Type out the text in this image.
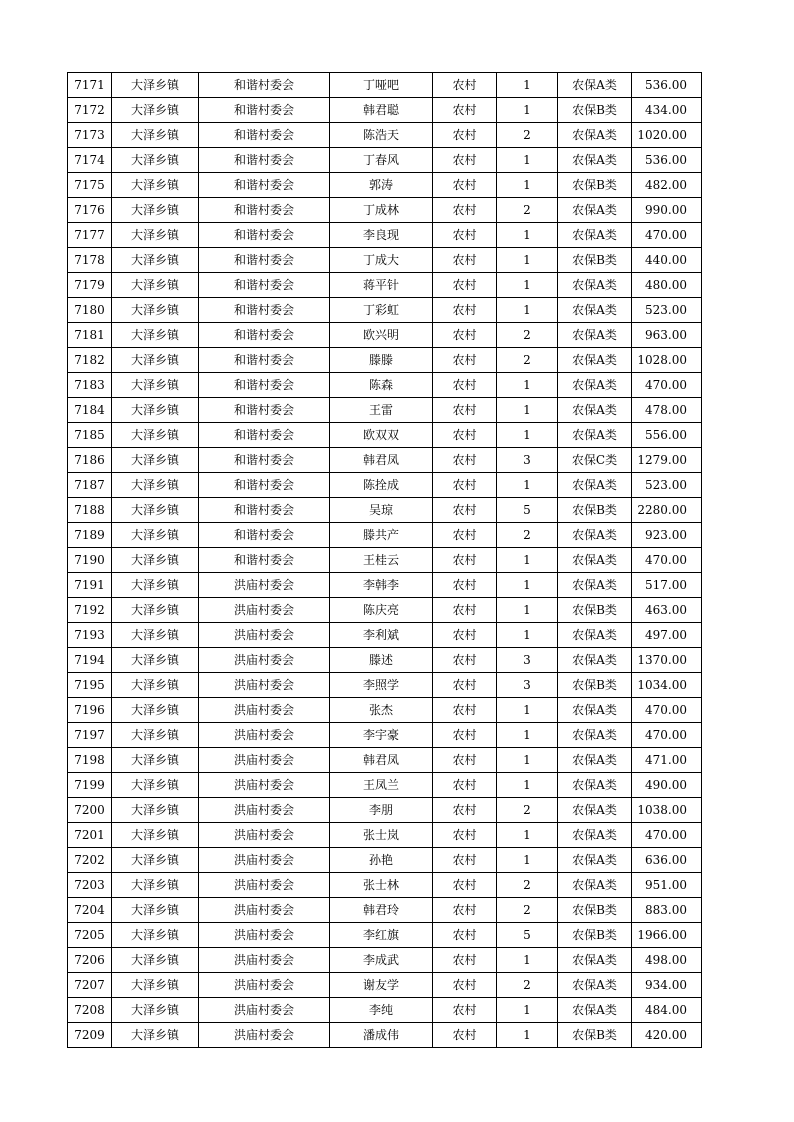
7171	大泽乡镇	和谐村委会	丁哑吧	农村	1	农保A类	536.00
7172	大泽乡镇	和谐村委会	韩君聪	农村	1	农保B类	434.00
7173	大泽乡镇	和谐村委会	陈浩天	农村	2	农保A类	1020.00
7174	大泽乡镇	和谐村委会	丁春风	农村	1	农保A类	536.00
7175	大泽乡镇	和谐村委会	郭涛	农村	1	农保B类	482.00
7176	大泽乡镇	和谐村委会	丁成林	农村	2	农保A类	990.00
7177	大泽乡镇	和谐村委会	李良现	农村	1	农保A类	470.00
7178	大泽乡镇	和谐村委会	丁成大	农村	1	农保B类	440.00
7179	大泽乡镇	和谐村委会	蒋平针	农村	1	农保A类	480.00
7180	大泽乡镇	和谐村委会	丁彩虹	农村	1	农保A类	523.00
7181	大泽乡镇	和谐村委会	欧兴明	农村	2	农保A类	963.00
7182	大泽乡镇	和谐村委会	滕滕	农村	2	农保A类	1028.00
7183	大泽乡镇	和谐村委会	陈森	农村	1	农保A类	470.00
7184	大泽乡镇	和谐村委会	王雷	农村	1	农保A类	478.00
7185	大泽乡镇	和谐村委会	欧双双	农村	1	农保A类	556.00
7186	大泽乡镇	和谐村委会	韩君凤	农村	3	农保C类	1279.00
7187	大泽乡镇	和谐村委会	陈拴成	农村	1	农保A类	523.00
7188	大泽乡镇	和谐村委会	吴琼	农村	5	农保B类	2280.00
7189	大泽乡镇	和谐村委会	滕共产	农村	2	农保A类	923.00
7190	大泽乡镇	和谐村委会	王桂云	农村	1	农保A类	470.00
7191	大泽乡镇	洪庙村委会	李韩李	农村	1	农保A类	517.00
7192	大泽乡镇	洪庙村委会	陈庆亮	农村	1	农保B类	463.00
7193	大泽乡镇	洪庙村委会	李利斌	农村	1	农保A类	497.00
7194	大泽乡镇	洪庙村委会	滕述	农村	3	农保A类	1370.00
7195	大泽乡镇	洪庙村委会	李照学	农村	3	农保B类	1034.00
7196	大泽乡镇	洪庙村委会	张杰	农村	1	农保A类	470.00
7197	大泽乡镇	洪庙村委会	李宇豪	农村	1	农保A类	470.00
7198	大泽乡镇	洪庙村委会	韩君凤	农村	1	农保A类	471.00
7199	大泽乡镇	洪庙村委会	王凤兰	农村	1	农保A类	490.00
7200	大泽乡镇	洪庙村委会	李朋	农村	2	农保A类	1038.00
7201	大泽乡镇	洪庙村委会	张士岚	农村	1	农保A类	470.00
7202	大泽乡镇	洪庙村委会	孙艳	农村	1	农保A类	636.00
7203	大泽乡镇	洪庙村委会	张士林	农村	2	农保A类	951.00
7204	大泽乡镇	洪庙村委会	韩君玲	农村	2	农保B类	883.00
7205	大泽乡镇	洪庙村委会	李红旗	农村	5	农保B类	1966.00
7206	大泽乡镇	洪庙村委会	李成武	农村	1	农保A类	498.00
7207	大泽乡镇	洪庙村委会	谢友学	农村	2	农保A类	934.00
7208	大泽乡镇	洪庙村委会	李纯	农村	1	农保A类	484.00
7209	大泽乡镇	洪庙村委会	潘成伟	农村	1	农保B类	420.00
